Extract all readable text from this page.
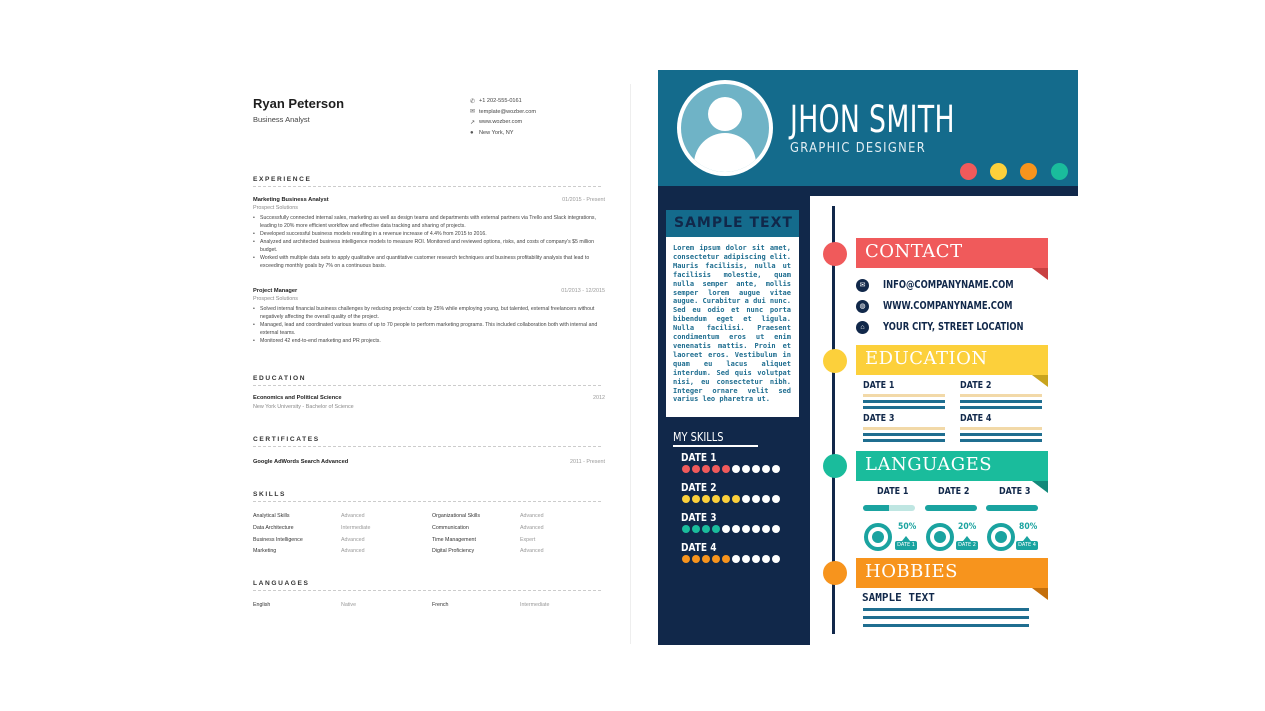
Ryan Peterson
Business Analyst
✆ +1 202-555-0161
✉ template@wozber.com
↗ www.wozber.com
● New York, NY
EXPERIENCE
Marketing Business Analyst
Prospect Solutions
01/2015 - Present
• Successfully connected internal sales, marketing as well as design teams and departments with external partners via Trello and Slack integrations, leading to 20% more efficient workflow and effective data tracking and sharing of projects.
• Developed successful business models resulting in a revenue increase of 4.4% from 2015 to 2016.
• Analyzed and architected business intelligence models to measure ROI. Monitored and reviewed options, risks, and costs of company's $5 million budget.
• Worked with multiple data sets to apply qualitative and quantitative customer research techniques and business profitability analysis that lead to exceeding monthly goals by 7% on a continuous basis.
Project Manager
Prospect Solutions
01/2013 - 12/2015
• Solved internal financial business challenges by reducing projects' costs by 25% while employing young, but talented, external freelancers without negatively affecting the overall quality of the project.
• Managed, lead and coordinated various teams of up to 70 people to perform marketing programs. This included collaboration both with internal and external teams.
• Monitored 42 end-to-end marketing and PR projects.
EDUCATION
Economics and Political Science
New York University - Bachelor of Science
2012
CERTIFICATES
Google AdWords Search Advanced	2011 - Present
SKILLS
Analytical Skills	Advanced
Data Architecture	Intermediate
Business Intelligence	Advanced
Marketing	Advanced
Organizational Skills	Advanced
Communication	Advanced
Time Management	Expert
Digital Proficiency	Advanced
LANGUAGES
English	Native	French	Intermediate
JHON SMITH
GRAPHIC DESIGNER
SAMPLE TEXT
Lorem ipsum dolor sit amet, consectetur adipiscing elit. Mauris facilisis, nulla ut facilisis molestie, quam nulla semper ante, mollis semper lorem augue vitae augue. Curabitur a dui nunc. Sed eu odio et nunc porta bibendum eget et ligula. Nulla facilisi. Praesent condimentum eros ut enim venenatis mattis. Proin et laoreet eros. Vestibulum in quam eu lacus aliquet interdum. Sed quis volutpat nisi, eu consectetur nibh. Integer ornare velit sed varius leo pharetra ut.
MY SKILLS
DATE 1
DATE 2
DATE 3
DATE 4
CONTACT
✉	INFO@COMPANYNAME.COM
◍	WWW.COMPANYNAME.COM
⌂	YOUR CITY, STREET LOCATION
EDUCATION
DATE 1	DATE 2
DATE 3	DATE 4
LANGUAGES
DATE 1
50%
DATE 1
DATE 2
20%
DATE 2
DATE 3
80%
DATE 4
HOBBIES
SAMPLE TEXT
